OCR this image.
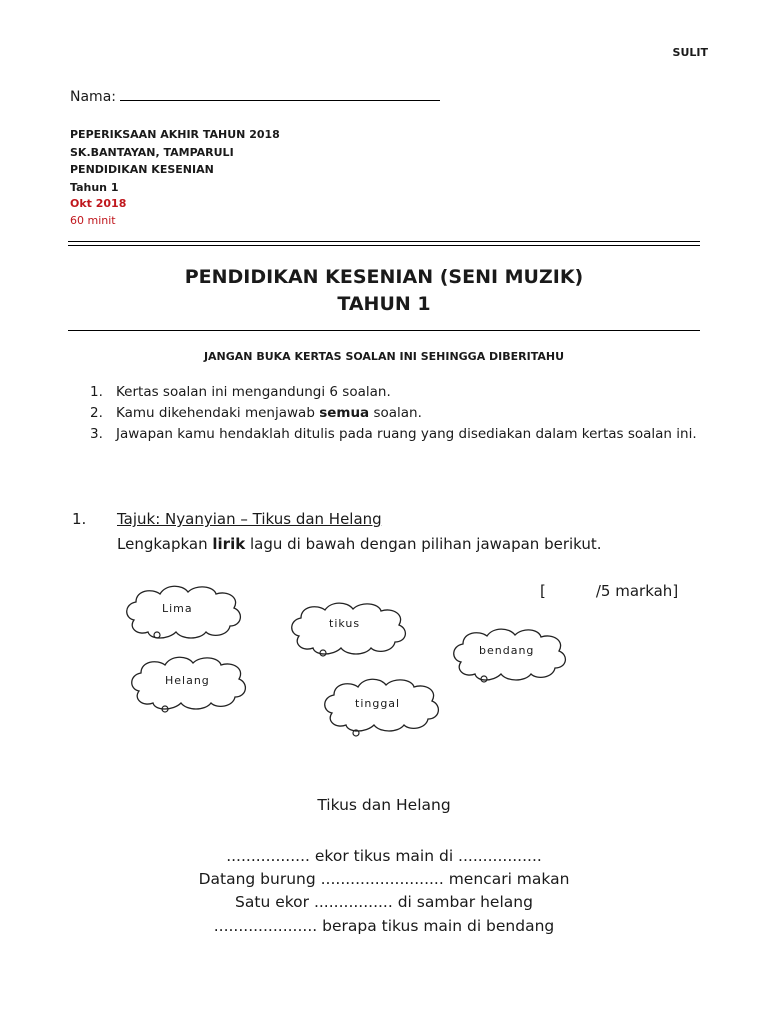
SULIT
Nama:
PEPERIKSAAN AKHIR TAHUN 2018
SK.BANTAYAN, TAMPARULI
PENDIDIKAN KESENIAN
Tahun 1
Okt 2018
60 minit
PENDIDIKAN KESENIAN (SENI MUZIK)
TAHUN 1
JANGAN BUKA KERTAS SOALAN INI SEHINGGA DIBERITAHU
1. Kertas soalan ini mengandungi 6 soalan.
2. Kamu dikehendaki menjawab semua soalan.
3. Jawapan kamu hendaklah ditulis pada ruang yang disediakan dalam kertas soalan ini.
1. Tajuk: Nyanyian – Tikus dan Helang
Lengkapkan lirik lagu di bawah dengan pilihan jawapan berikut.
[	/5 markah]
Lima
tikus
bendang
Helang
tinggal
Tikus dan Helang
................. ekor tikus main di .................
Datang burung ......................... mencari makan
Satu ekor ................ di sambar helang
..................... berapa tikus main di bendang
